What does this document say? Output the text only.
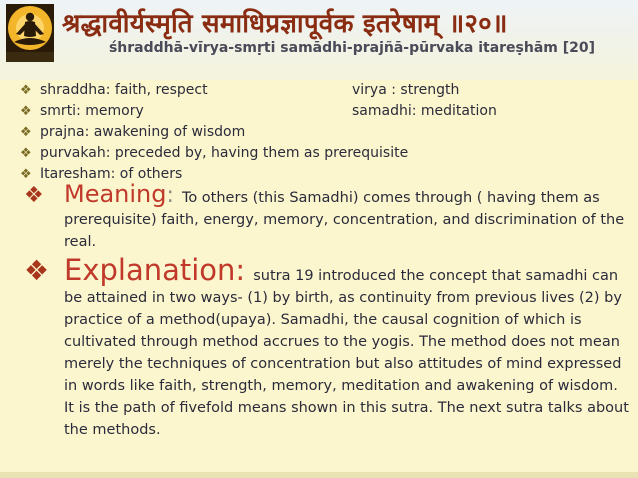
श्रद्धावीर्यस्मृति समाधिप्रज्ञापूर्वक इतरेषाम् ॥२०॥
śhraddhā-vīrya-smṛti samādhi-prajñā-pūrvaka itareṣhām [20]
❖ shraddha: faith, respect	virya : strength
❖ smrti: memory	samadhi: meditation
❖ prajna: awakening of wisdom
❖ purvakah: preceded by, having them as prerequisite
❖ Itaresham: of others
❖ Meaning : To others (this Samadhi) comes through ( having them as
prerequisite) faith, energy, memory, concentration, and discrimination of the real.
❖ Explanation: sutra 19 introduced the concept that samadhi can
be attained in two ways- (1) by birth, as continuity from previous lives (2) by practice of a method(upaya). Samadhi, the causal cognition of which is cultivated through method accrues to the yogis. The method does not mean merely the techniques of concentration but also attitudes of mind expressed in words like faith, strength, memory, meditation and awakening of wisdom. It is the path of fivefold means shown in this sutra. The next sutra talks about the methods.
